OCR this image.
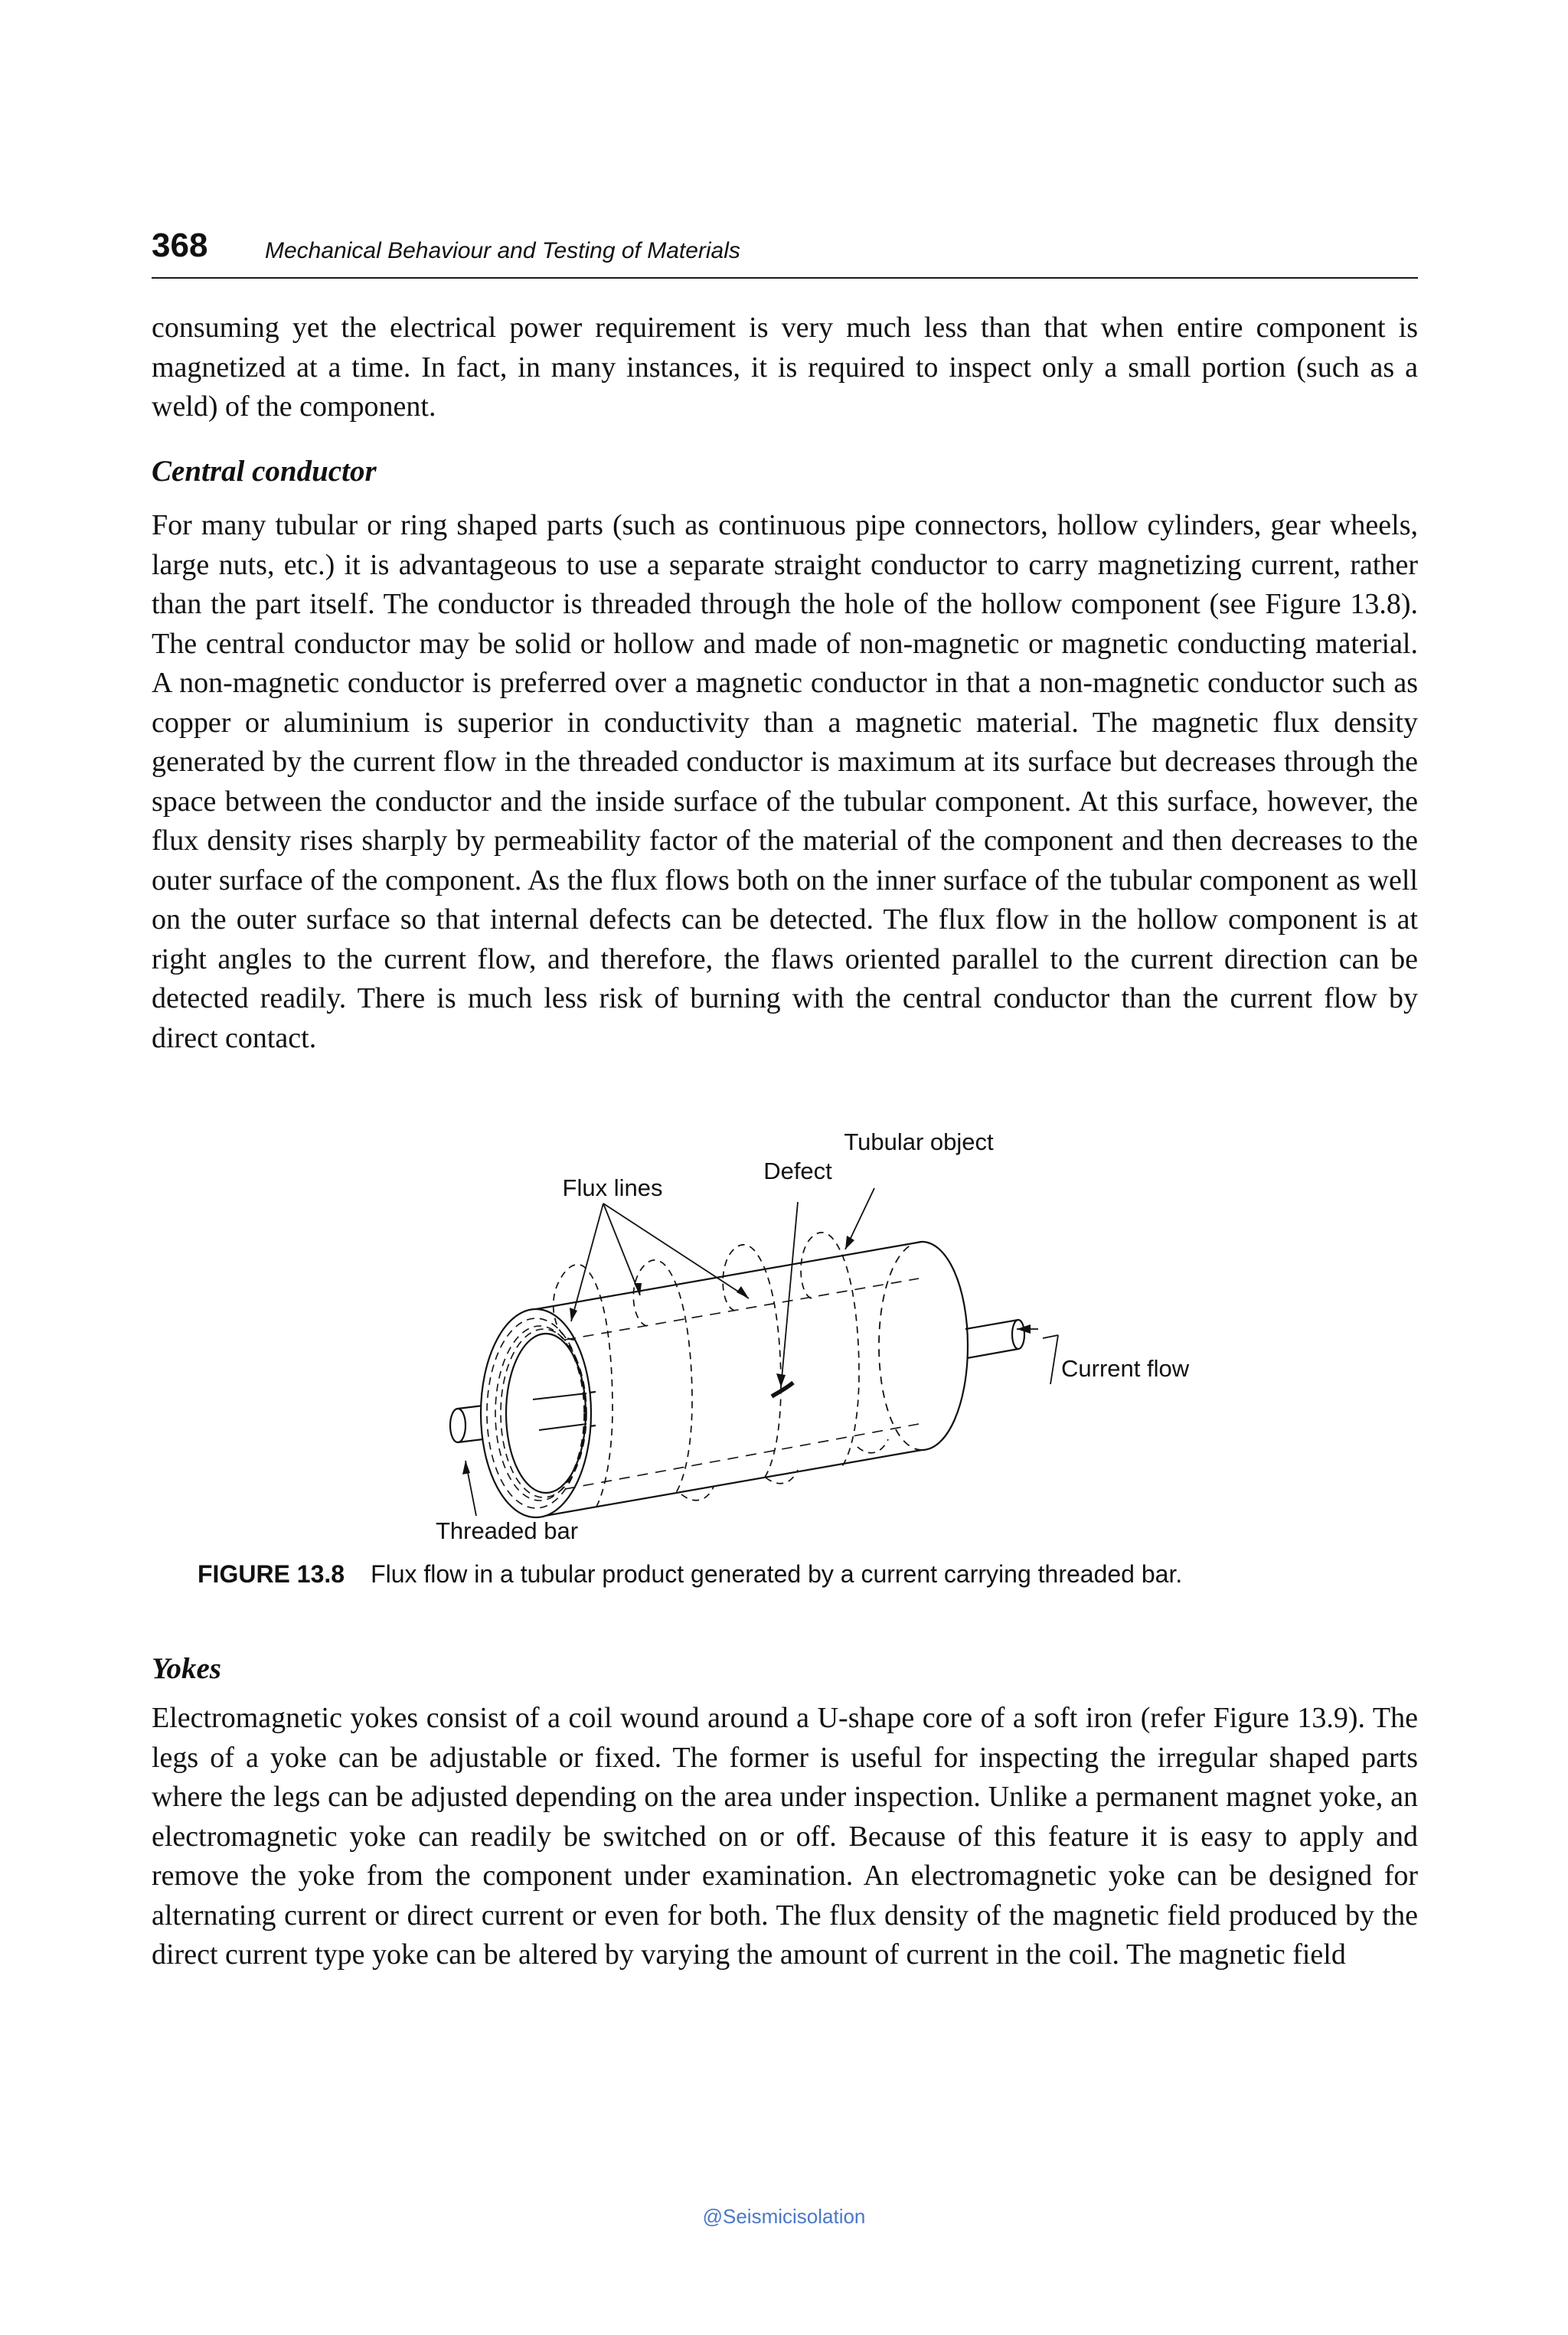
368 Mechanical Behaviour and Testing of Materials

consuming yet the electrical power requirement is very much less than that when entire component is magnetized at a time. In fact, in many instances, it is required to inspect only a small portion (such as a weld) of the component.

Central conductor

For many tubular or ring shaped parts (such as continuous pipe connectors, hollow cylinders, gear wheels, large nuts, etc.) it is advantageous to use a separate straight conductor to carry magnetizing current, rather than the part itself. The conductor is threaded through the hole of the hollow component (see Figure 13.8). The central conductor may be solid or hollow and made of non-magnetic or magnetic conducting material. A non-magnetic conductor is preferred over a magnetic conductor in that a non-magnetic conductor such as copper or aluminium is superior in conductivity than a magnetic material. The magnetic flux density generated by the current flow in the threaded conductor is maximum at its surface but decreases through the space between the conductor and the inside surface of the tubular component. At this surface, however, the flux density rises sharply by permeability factor of the material of the component and then decreases to the outer surface of the component. As the flux flows both on the inner surface of the tubular component as well on the outer surface so that internal defects can be detected. The flux flow in the hollow component is at right angles to the current flow, and therefore, the flaws oriented parallel to the current direction can be detected readily. There is much less risk of burning with the central conductor than the current flow by direct contact.

Tubular object
Defect
Flux lines
Current flow
Threaded bar
FIGURE 13.8 Flux flow in a tubular product generated by a current carrying threaded bar.
Yokes

Electromagnetic yokes consist of a coil wound around a U-shape core of a soft iron (refer Figure 13.9). The legs of a yoke can be adjustable or fixed. The former is useful for inspecting the irregular shaped parts where the legs can be adjusted depending on the area under inspection. Unlike a permanent magnet yoke, an electromagnetic yoke can readily be switched on or off. Because of this feature it is easy to apply and remove the yoke from the component under examination. An electromagnetic yoke can be designed for alternating current or direct current or even for both. The flux density of the magnetic field produced by the direct current type yoke can be altered by varying the amount of current in the coil. The magnetic field

@Seismicisolation
